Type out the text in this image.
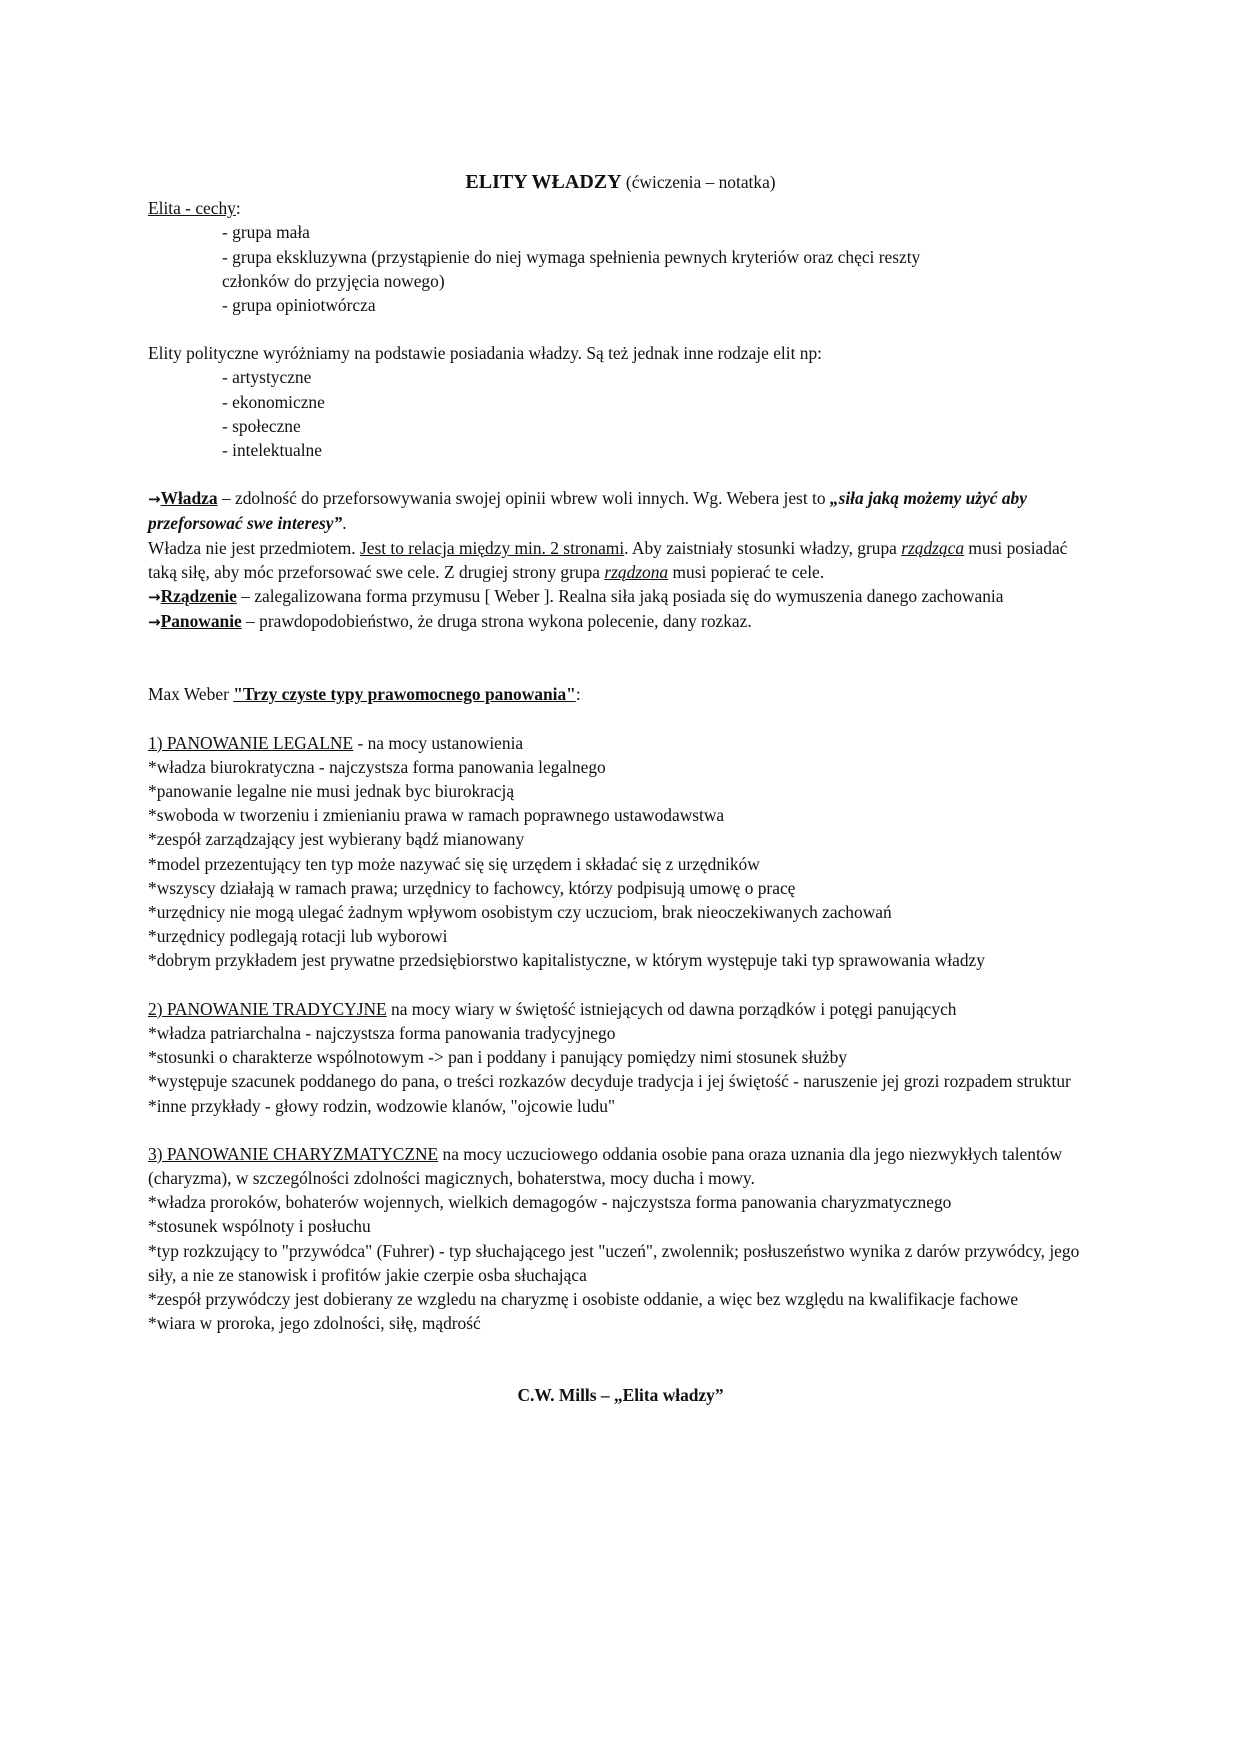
ELITY WŁADZY (ćwiczenia – notatka)

Elita - cechy:

- grupa mała

- grupa ekskluzywna (przystąpienie do niej wymaga spełnienia pewnych kryteriów oraz chęci reszty

członków do przyjęcia nowego)

- grupa opiniotwórcza

Elity polityczne wyróżniamy na podstawie posiadania władzy. Są też jednak inne rodzaje elit np:

- artystyczne

- ekonomiczne

- społeczne

- intelektualne

→Władza – zdolność do przeforsowywania swojej opinii wbrew woli innych. Wg. Webera jest to „siła jaką możemy użyć aby przeforsować swe interesy”.

Władza nie jest przedmiotem. Jest to relacja między min. 2 stronami. Aby zaistniały stosunki władzy, grupa rządząca musi posiadać taką siłę, aby móc przeforsować swe cele. Z drugiej strony grupa rządzona musi popierać te cele.

→Rządzenie – zalegalizowana forma przymusu [ Weber ]. Realna siła jaką posiada się do wymuszenia danego zachowania

→Panowanie – prawdopodobieństwo, że druga strona wykona polecenie, dany rozkaz.

Max Weber "Trzy czyste typy prawomocnego panowania":

1) PANOWANIE LEGALNE - na mocy ustanowienia

*władza biurokratyczna - najczystsza forma panowania legalnego

*panowanie legalne nie musi jednak byc biurokracją

*swoboda w tworzeniu i zmienianiu prawa w ramach poprawnego ustawodawstwa

*zespół zarządzający jest wybierany bądź mianowany

*model przezentujący ten typ może nazywać się się urzędem i składać się z urzędników

*wszyscy działają w ramach prawa; urzędnicy to fachowcy, którzy podpisują umowę o pracę

*urzędnicy nie mogą ulegać żadnym wpływom osobistym czy uczuciom, brak nieoczekiwanych zachowań

*urzędnicy podlegają rotacji lub wyborowi

*dobrym przykładem jest prywatne przedsiębiorstwo kapitalistyczne, w którym występuje taki typ sprawowania władzy

2) PANOWANIE TRADYCYJNE na mocy wiary w świętość istniejących od dawna porządków i potęgi panujących

*władza patriarchalna - najczystsza forma panowania tradycyjnego

*stosunki o charakterze wspólnotowym -> pan i poddany i panujący pomiędzy nimi stosunek służby

*występuje szacunek poddanego do pana, o treści rozkazów decyduje tradycja i jej świętość - naruszenie jej grozi rozpadem struktur

*inne przykłady - głowy rodzin, wodzowie klanów, "ojcowie ludu"

3) PANOWANIE CHARYZMATYCZNE na mocy uczuciowego oddania osobie pana oraza uznania dla jego niezwykłych talentów (charyzma), w szczególności zdolności magicznych, bohaterstwa, mocy ducha i mowy.

*władza proroków, bohaterów wojennych, wielkich demagogów - najczystsza forma panowania charyzmatycznego

*stosunek wspólnoty i posłuchu

*typ rozkzujący to "przywódca" (Fuhrer) - typ słuchającego jest "uczeń", zwolennik; posłuszeństwo wynika z darów przywódcy, jego siły, a nie ze stanowisk i profitów jakie czerpie osba słuchająca

*zespół przywódczy jest dobierany ze wzgledu na charyzmę i osobiste oddanie, a więc bez względu na kwalifikacje fachowe

*wiara w proroka, jego zdolności, siłę, mądrość

C.W. Mills – „Elita władzy”
